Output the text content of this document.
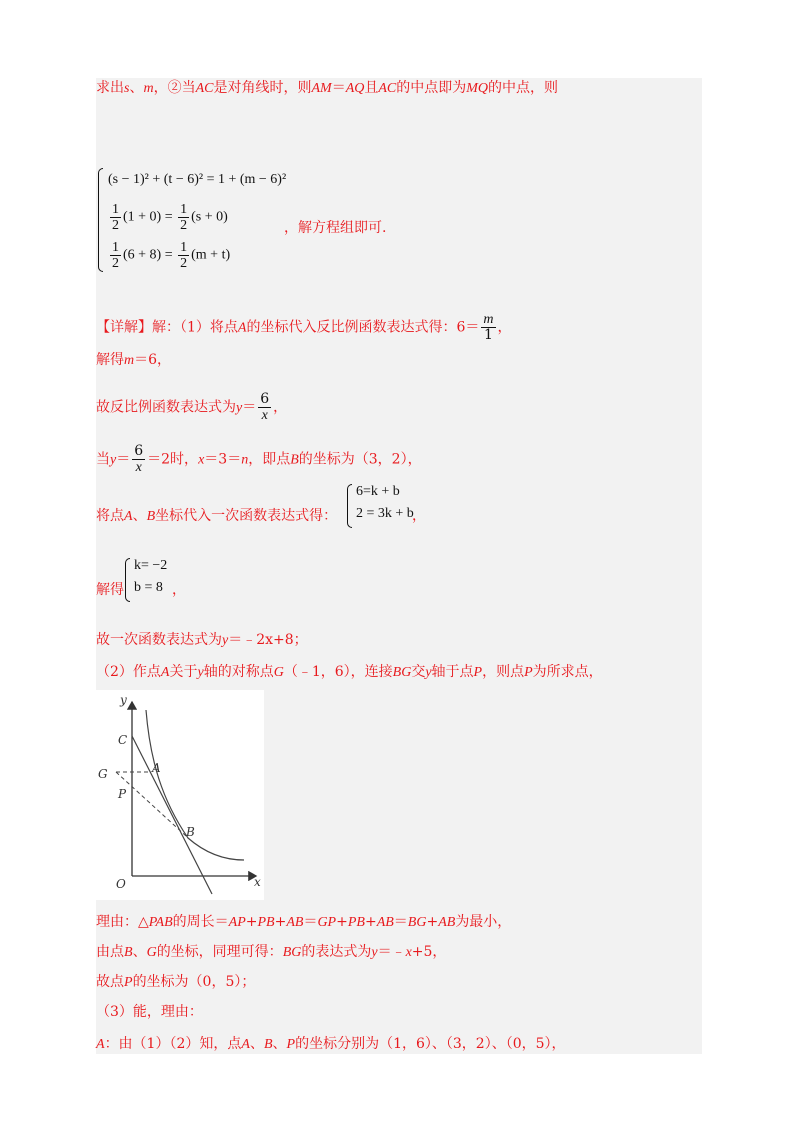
求出s、m，②当AC是对角线时，则AM＝AQ且AC的中点即为MQ的中点，则
(s − 1)² + (t − 6)² = 1 + (m − 6)²
$\frac{1}{2} (1 + 0) = \frac{1}{2} (s + 0)$
$\frac{1}{2} (6 + 8) = \frac{1}{2} (m + t)$
，解方程组即可.
【详解】解：（1）将点A的坐标代入反比例函数表达式得：$6= \frac{m}{1}$ ，
解得m＝6，
故反比例函数表达式为$y= \frac{6}{x}$ ，
当$y= \frac{6}{x} =2$时，x＝3＝n，即点B的坐标为（3，2），
将点A、B坐标代入一次函数表达式得：
6=k + b
2 = 3k + b
，
解得
k= −2
b = 8 ，
故一次函数表达式为y＝﹣2x+8；
（2）作点A关于y轴的对称点G（﹣1，6），连接BG交y轴于点P，则点P为所求点，
y
x
O
C
G	A
P
B
理由：△PAB的周长＝AP+PB+AB＝GP+PB+AB＝BG+AB为最小，
由点B、G的坐标，同理可得：BG的表达式为y＝﹣x+5，
故点P的坐标为（0，5）；
（3）能，理由：
A：由（1）（2）知，点A、B、P的坐标分别为（1，6）、（3，2）、（0，5），
